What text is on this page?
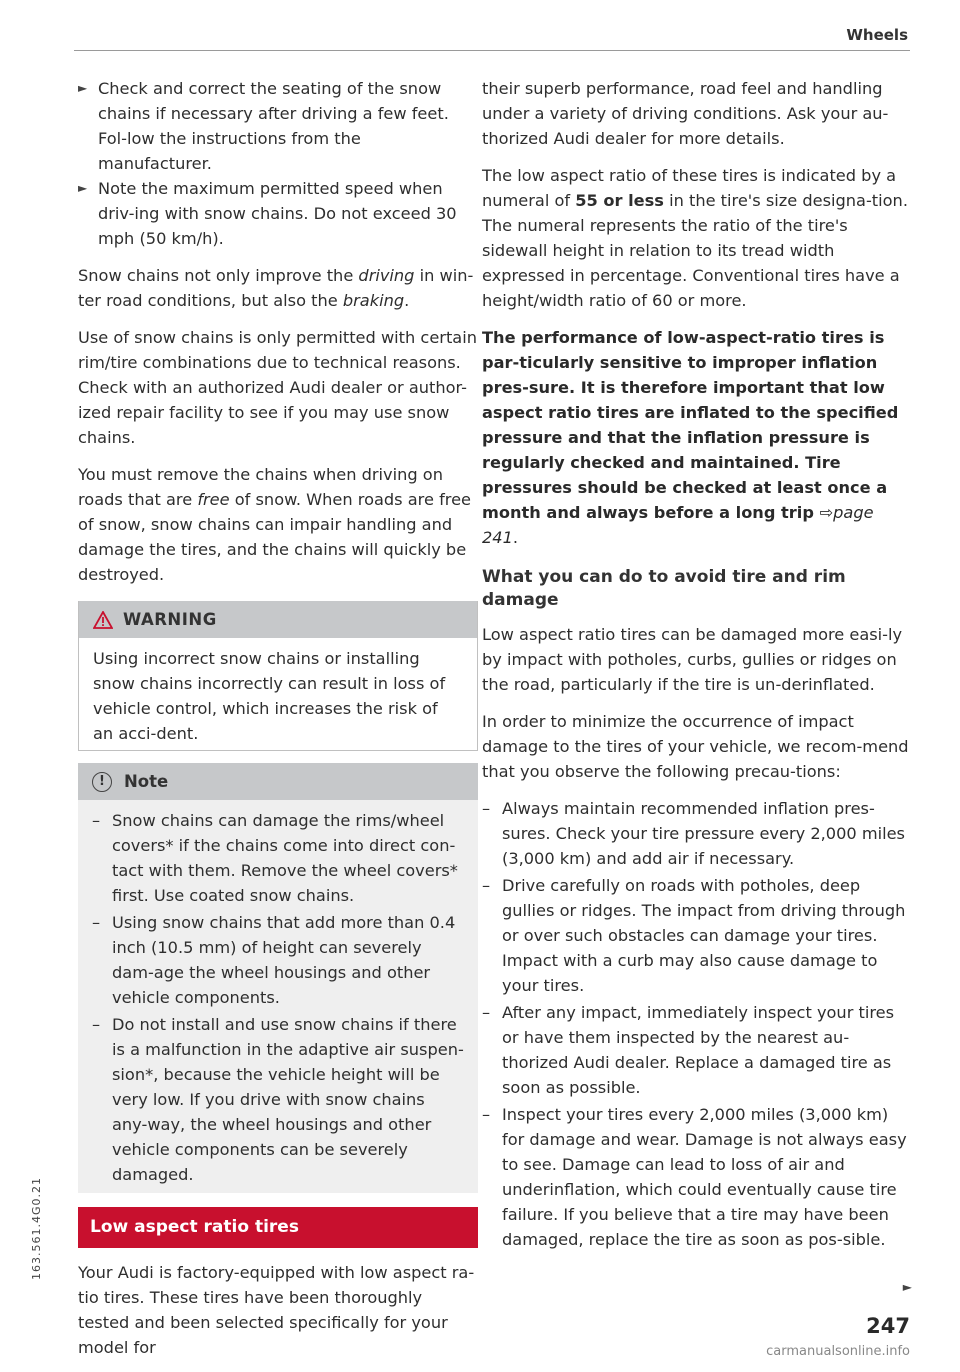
Wheels

► Check and correct the seating of the snow chains if necessary after driving a few feet. Fol-low the instructions from the manufacturer.

► Note the maximum permitted speed when driv-ing with snow chains. Do not exceed 30 mph (50 km/h).

Snow chains not only improve the driving in win-ter road conditions, but also the braking.

Use of snow chains is only permitted with certain rim/tire combinations due to technical reasons. Check with an authorized Audi dealer or author-ized repair facility to see if you may use snow chains.

You must remove the chains when driving on roads that are free of snow. When roads are free of snow, snow chains can impair handling and damage the tires, and the chains will quickly be destroyed.

WARNING
Using incorrect snow chains or installing snow chains incorrectly can result in loss of vehicle control, which increases the risk of an acci-dent.
!	Note
– Snow chains can damage the rims/wheel covers* if the chains come into direct con-tact with them. Remove the wheel covers* first. Use coated snow chains.
– Using snow chains that add more than 0.4 inch (10.5 mm) of height can severely dam-age the wheel housings and other vehicle components.
– Do not install and use snow chains if there is a malfunction in the adaptive air suspen-sion*, because the vehicle height will be very low. If you drive with snow chains any-way, the wheel housings and other vehicle components can be severely damaged.
Low aspect ratio tires

Your Audi is factory-equipped with low aspect ra-tio tires. These tires have been thoroughly tested and been selected specifically for your model for

their superb performance, road feel and handling under a variety of driving conditions. Ask your au-thorized Audi dealer for more details.

The low aspect ratio of these tires is indicated by a numeral of 55 or less in the tire's size designa-tion. The numeral represents the ratio of the tire's sidewall height in relation to its tread width expressed in percentage. Conventional tires have a height/width ratio of 60 or more.

The performance of low-aspect-ratio tires is par-ticularly sensitive to improper inflation pres-sure. It is therefore important that low aspect ratio tires are inflated to the specified pressure and that the inflation pressure is regularly checked and maintained. Tire pressures should be checked at least once a month and always before a long trip ⇨page 241.

What you can do to avoid tire and rim damage

Low aspect ratio tires can be damaged more easi-ly by impact with potholes, curbs, gullies or ridges on the road, particularly if the tire is un-derinflated.

In order to minimize the occurrence of impact damage to the tires of your vehicle, we recom-mend that you observe the following precau-tions:

– Always maintain recommended inflation pres-sures. Check your tire pressure every 2,000 miles (3,000 km) and add air if necessary.
– Drive carefully on roads with potholes, deep gullies or ridges. The impact from driving through or over such obstacles can damage your tires. Impact with a curb may also cause damage to your tires.
– After any impact, immediately inspect your tires or have them inspected by the nearest au-thorized Audi dealer. Replace a damaged tire as soon as possible.
– Inspect your tires every 2,000 miles (3,000 km) for damage and wear. Damage is not always easy to see. Damage can lead to loss of air and underinflation, which could eventually cause tire failure. If you believe that a tire may have been damaged, replace the tire as soon as pos-sible.
►
247
163.561.4G0.21
carmanualsonline.info
